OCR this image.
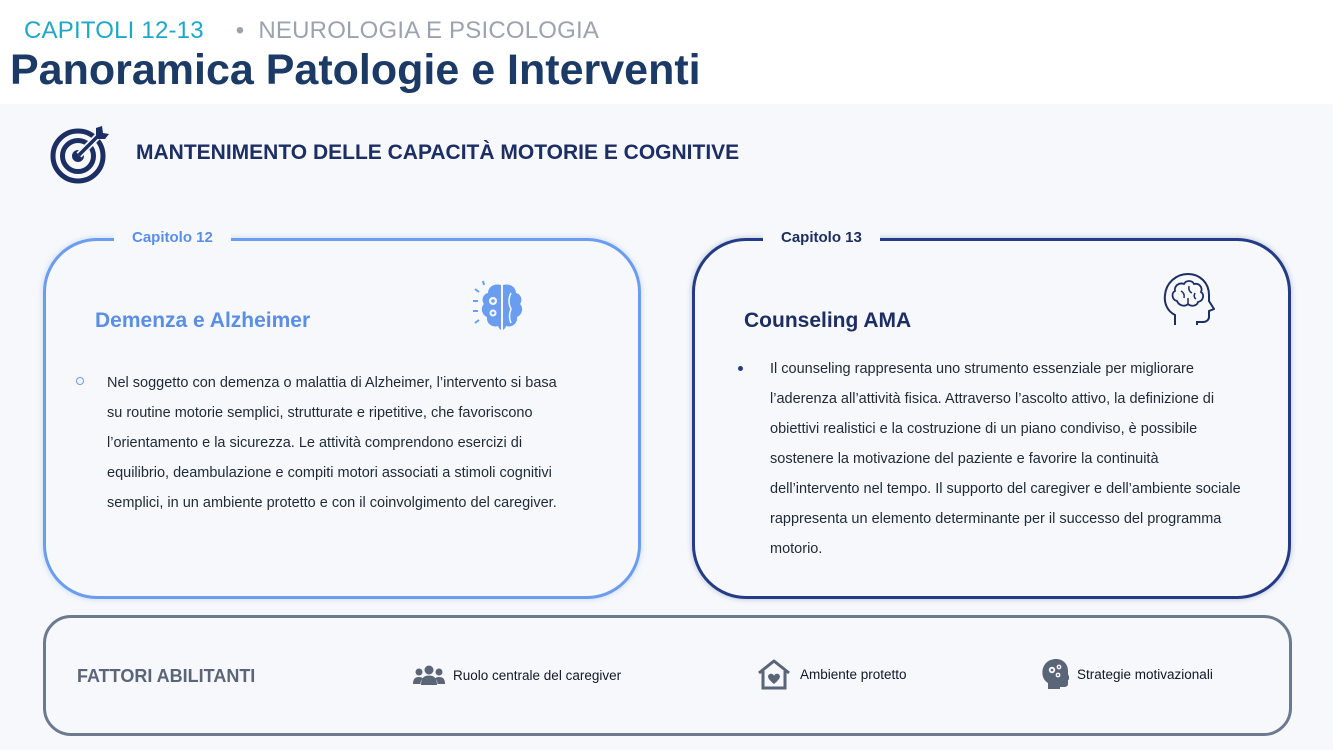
CAPITOLI 12-13 • NEUROLOGIA E PSICOLOGIA
Panoramica Patologie e Interventi
MANTENIMENTO DELLE CAPACITÀ MOTORIE E COGNITIVE
Capitolo 12
Demenza e Alzheimer
Nel soggetto con demenza o malattia di Alzheimer, l’intervento si basa su routine motorie semplici, strutturate e ripetitive, che favoriscono l’orientamento e la sicurezza. Le attività comprendono esercizi di equilibrio, deambulazione e compiti motori associati a stimoli cognitivi semplici, in un ambiente protetto e con il coinvolgimento del caregiver.
Capitolo 13
Counseling AMA
Il counseling rappresenta uno strumento essenziale per migliorare l’aderenza all’attività fisica. Attraverso l’ascolto attivo, la definizione di obiettivi realistici e la costruzione di un piano condiviso, è possibile sostenere la motivazione del paziente e favorire la continuità dell’intervento nel tempo. Il supporto del caregiver e dell’ambiente sociale rappresenta un elemento determinante per il successo del programma motorio.
FATTORI ABILITANTI	Ruolo centrale del caregiver	Ambiente protetto	Strategie motivazionali
